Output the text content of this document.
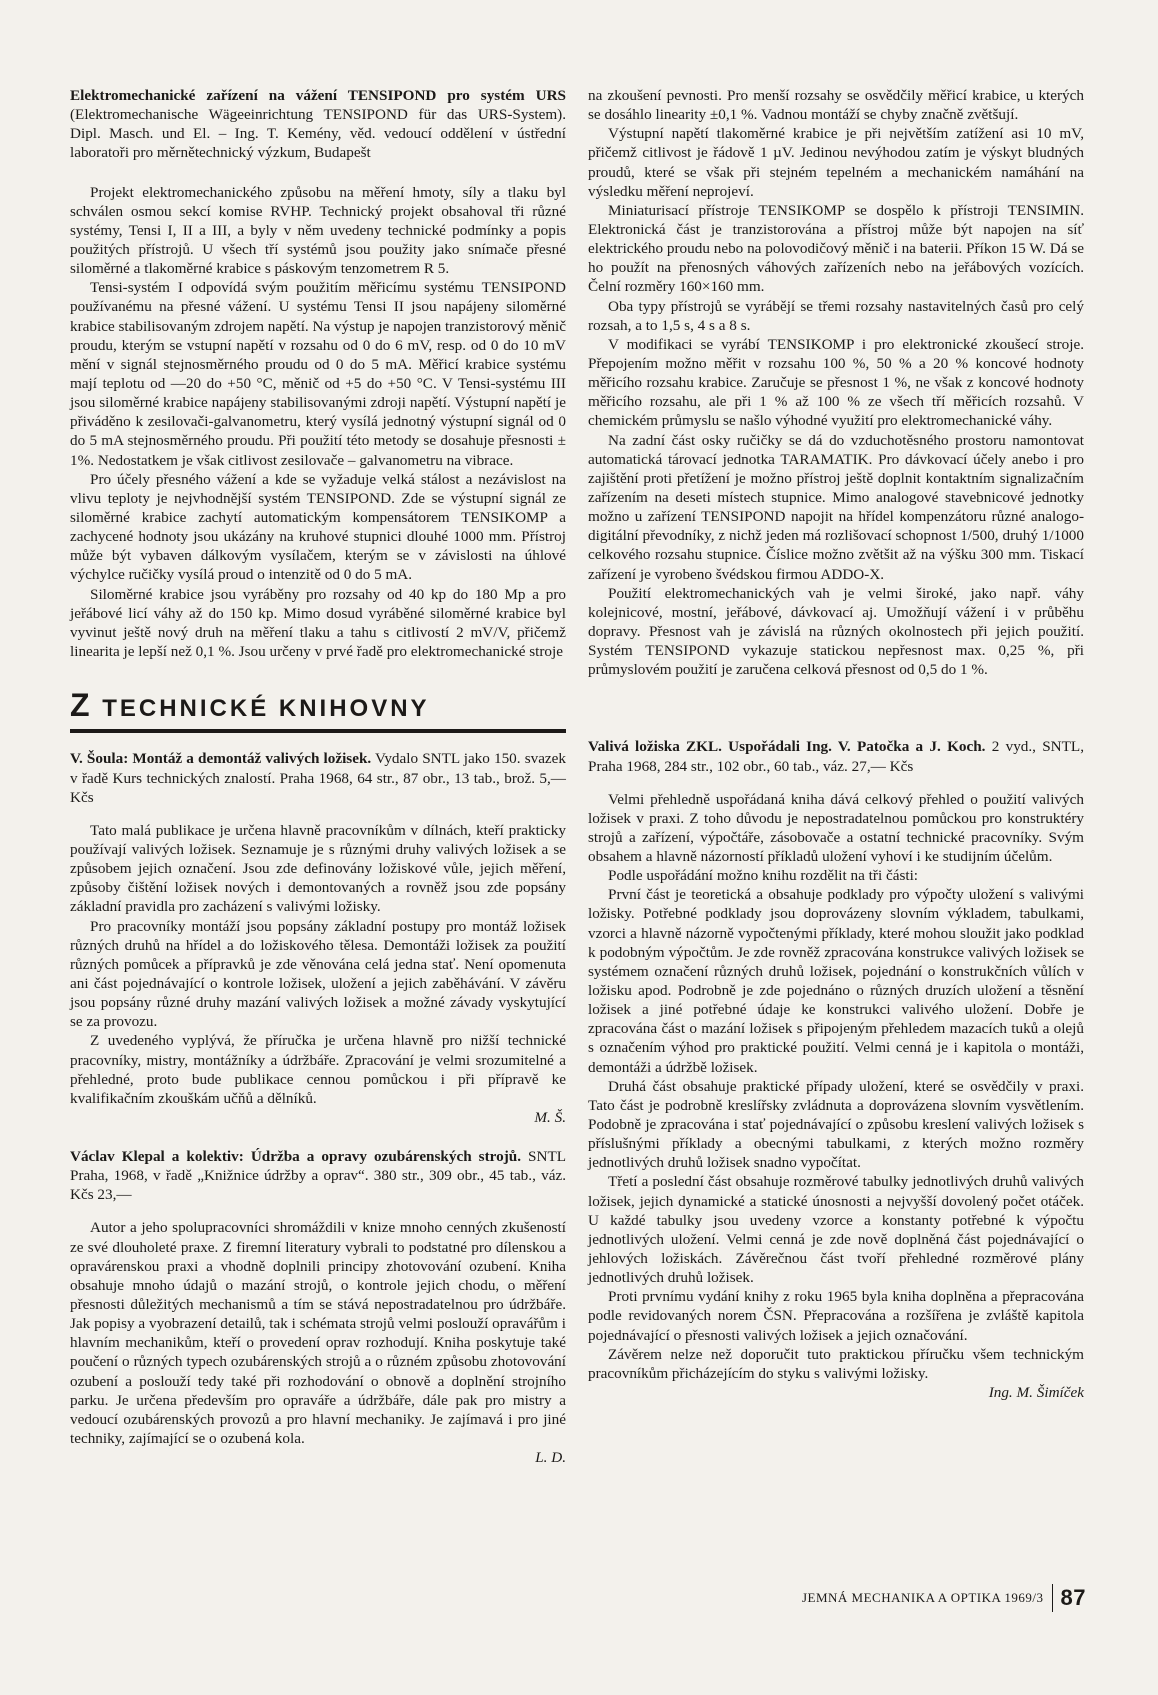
Elektromechanické zařízení na vážení TENSIPOND pro systém URS (Elektromechanische Wägeeinrichtung TENSIPOND für das URS-System). Dipl. Masch. und El. – Ing. T. Kemény, věd. vedoucí oddělení v ústřední laboratoři pro měrnětechnický výzkum, Budapešt

Projekt elektromechanického způsobu na měření hmoty, síly a tlaku byl schválen osmou sekcí komise RVHP. Technický projekt obsahoval tři různé systémy, Tensi I, II a III, a byly v něm uvedeny technické podmínky a popis použitých přístrojů. U všech tří systémů jsou použity jako snímače přesné siloměrné a tlakoměrné krabice s páskovým tenzometrem R 5.

Tensi-systém I odpovídá svým použitím měřicímu systému TENSIPOND používanému na přesné vážení. U systému Tensi II jsou napájeny siloměrné krabice stabilisovaným zdrojem napětí. Na výstup je napojen tranzistorový měnič proudu, kterým se vstupní napětí v rozsahu od 0 do 6 mV, resp. od 0 do 10 mV mění v signál stejnosměrného proudu od 0 do 5 mA. Měřicí krabice systému mají teplotu od —20 do +50 °C, měnič od +5 do +50 °C. V Tensi-systému III jsou siloměrné krabice napájeny stabilisovanými zdroji napětí. Výstupní napětí je přiváděno k zesilovači-galvanometru, který vysílá jednotný výstupní signál od 0 do 5 mA stejnosměrného proudu. Při použití této metody se dosahuje přesnosti ± 1%. Nedostatkem je však citlivost zesilovače – galvanometru na vibrace.

Pro účely přesného vážení a kde se vyžaduje velká stálost a nezávislost na vlivu teploty je nejvhodnější systém TENSIPOND. Zde se výstupní signál ze siloměrné krabice zachytí automatickým kompensátorem TENSIKOMP a zachycené hodnoty jsou ukázány na kruhové stupnici dlouhé 1000 mm. Přístroj může být vybaven dálkovým vysílačem, kterým se v závislosti na úhlové výchylce ručičky vysílá proud o intenzitě od 0 do 5 mA.

Siloměrné krabice jsou vyráběny pro rozsahy od 40 kp do 180 Mp a pro jeřábové licí váhy až do 150 kp. Mimo dosud vyráběné siloměrné krabice byl vyvinut ještě nový druh na měření tlaku a tahu s citlivostí 2 mV/V, přičemž linearita je lepší než 0,1 %. Jsou určeny v prvé řadě pro elektromechanické stroje

Z TECHNICKÉ KNIHOVNY

V. Šoula: Montáž a demontáž valivých ložisek. Vydalo SNTL jako 150. svazek v řadě Kurs technických znalostí. Praha 1968, 64 str., 87 obr., 13 tab., brož. 5,— Kčs

Tato malá publikace je určena hlavně pracovníkům v dílnách, kteří prakticky používají valivých ložisek. Seznamuje je s různými druhy valivých ložisek a se způsobem jejich označení. Jsou zde definovány ložiskové vůle, jejich měření, způsoby čištění ložisek nových i demontovaných a rovněž jsou zde popsány základní pravidla pro zacházení s valivými ložisky.

Pro pracovníky montáží jsou popsány základní postupy pro montáž ložisek různých druhů na hřídel a do ložiskového tělesa. Demontáži ložisek za použití různých pomůcek a přípravků je zde věnována celá jedna stať. Není opomenuta ani část pojednávající o kontrole ložisek, uložení a jejich zaběhávání. V závěru jsou popsány různé druhy mazání valivých ložisek a možné závady vyskytující se za provozu.

Z uvedeného vyplývá, že příručka je určena hlavně pro nižší technické pracovníky, mistry, montážníky a údržbáře. Zpracování je velmi srozumitelné a přehledné, proto bude publikace cennou pomůckou i při přípravě ke kvalifikačním zkouškám učňů a dělníků.

M. Š.

Václav Klepal a kolektiv: Údržba a opravy ozubárenských strojů. SNTL Praha, 1968, v řadě „Knižnice údržby a oprav“. 380 str., 309 obr., 45 tab., váz. Kčs 23,—

Autor a jeho spolupracovníci shromáždili v knize mnoho cenných zkušeností ze své dlouholeté praxe. Z firemní literatury vybrali to podstatné pro dílenskou a opravárenskou praxi a vhodně doplnili principy zhotovování ozubení. Kniha obsahuje mnoho údajů o mazání strojů, o kontrole jejich chodu, o měření přesnosti důležitých mechanismů a tím se stává nepostradatelnou pro údržbáře. Jak popisy a vyobrazení detailů, tak i schémata strojů velmi poslouží opravářům i hlavním mechanikům, kteří o provedení oprav rozhodují. Kniha poskytuje také poučení o různých typech ozubárenských strojů a o různém způsobu zhotovování ozubení a poslouží tedy také při rozhodování o obnově a doplnění strojního parku. Je určena především pro opraváře a údržbáře, dále pak pro mistry a vedoucí ozubárenských provozů a pro hlavní mechaniky. Je zajímavá i pro jiné techniky, zajímající se o ozubená kola.

L. D.

na zkoušení pevnosti. Pro menší rozsahy se osvědčily měřicí krabice, u kterých se dosáhlo linearity ±0,1 %. Vadnou montáží se chyby značně zvětšují.

Výstupní napětí tlakoměrné krabice je při největším zatížení asi 10 mV, přičemž citlivost je řádově 1 µV. Jedinou nevýhodou zatím je výskyt bludných proudů, které se však při stejném tepelném a mechanickém namáhání na výsledku měření neprojeví.

Miniaturisací přístroje TENSIKOMP se dospělo k přístroji TENSIMIN. Elektronická část je tranzistorována a přístroj může být napojen na síť elektrického proudu nebo na polovodičový měnič i na baterii. Příkon 15 W. Dá se ho použít na přenosných váhových zařízeních nebo na jeřábových vozících. Čelní rozměry 160×160 mm.

Oba typy přístrojů se vyrábějí se třemi rozsahy nastavitelných časů pro celý rozsah, a to 1,5 s, 4 s a 8 s.

V modifikaci se vyrábí TENSIKOMP i pro elektronické zkoušecí stroje. Přepojením možno měřit v rozsahu 100 %, 50 % a 20 % koncové hodnoty měřicího rozsahu krabice. Zaručuje se přesnost 1 %, ne však z koncové hodnoty měřicího rozsahu, ale při 1 % až 100 % ze všech tří měřicích rozsahů. V chemickém průmyslu se našlo výhodné využití pro elektromechanické váhy.

Na zadní část osky ručičky se dá do vzduchotěsného prostoru namontovat automatická tárovací jednotka TARAMATIK. Pro dávkovací účely anebo i pro zajištění proti přetížení je možno přístroj ještě doplnit kontaktním signalizačním zařízením na deseti místech stupnice. Mimo analogové stavebnicové jednotky možno u zařízení TENSIPOND napojit na hřídel kompenzátoru různé analogo-digitální převodníky, z nichž jeden má rozlišovací schopnost 1/500, druhý 1/1000 celkového rozsahu stupnice. Číslice možno zvětšit až na výšku 300 mm. Tiskací zařízení je vyrobeno švédskou firmou ADDO-X.

Použití elektromechanických vah je velmi široké, jako např. váhy kolejnicové, mostní, jeřábové, dávkovací aj. Umožňují vážení i v průběhu dopravy. Přesnost vah je závislá na různých okolnostech při jejich použití. Systém TENSIPOND vykazuje statickou nepřesnost max. 0,25 %, při průmyslovém použití je zaručena celková přesnost od 0,5 do 1 %.

Valivá ložiska ZKL. Uspořádali Ing. V. Patočka a J. Koch. 2 vyd., SNTL, Praha 1968, 284 str., 102 obr., 60 tab., váz. 27,— Kčs

Velmi přehledně uspořádaná kniha dává celkový přehled o použití valivých ložisek v praxi. Z toho důvodu je nepostradatelnou pomůckou pro konstruktéry strojů a zařízení, výpočtáře, zásobovače a ostatní technické pracovníky. Svým obsahem a hlavně názorností příkladů uložení vyhoví i ke studijním účelům.

Podle uspořádání možno knihu rozdělit na tři části:

První část je teoretická a obsahuje podklady pro výpočty uložení s valivými ložisky. Potřebné podklady jsou doprovázeny slovním výkladem, tabulkami, vzorci a hlavně názorně vypočtenými příklady, které mohou sloužit jako podklad k podobným výpočtům. Je zde rovněž zpracována konstrukce valivých ložisek se systémem označení různých druhů ložisek, pojednání o konstrukčních vůlích v ložisku apod. Podrobně je zde pojednáno o různých druzích uložení a těsnění ložisek a jiné potřebné údaje ke konstrukci valivého uložení. Dobře je zpracována část o mazání ložisek s připojeným přehledem mazacích tuků a olejů s označením výhod pro praktické použití. Velmi cenná je i kapitola o montáži, demontáži a údržbě ložisek.

Druhá část obsahuje praktické případy uložení, které se osvědčily v praxi. Tato část je podrobně kreslířsky zvládnuta a doprovázena slovním vysvětlením. Podobně je zpracována i stať pojednávající o způsobu kreslení valivých ložisek s příslušnými příklady a obecnými tabulkami, z kterých možno rozměry jednotlivých druhů ložisek snadno vypočítat.

Třetí a poslední část obsahuje rozměrové tabulky jednotlivých druhů valivých ložisek, jejich dynamické a statické únosnosti a nejvyšší dovolený počet otáček. U každé tabulky jsou uvedeny vzorce a konstanty potřebné k výpočtu jednotlivých uložení. Velmi cenná je zde nově doplněná část pojednávající o jehlových ložiskách. Závěrečnou část tvoří přehledné rozměrové plány jednotlivých druhů ložisek.

Proti prvnímu vydání knihy z roku 1965 byla kniha doplněna a přepracována podle revidovaných norem ČSN. Přepracována a rozšířena je zvláště kapitola pojednávající o přesnosti valivých ložisek a jejich označování.

Závěrem nelze než doporučit tuto praktickou příručku všem technickým pracovníkům přicházejícím do styku s valivými ložisky.

Ing. M. Šimíček
JEMNÁ MECHANIKA A OPTIKA 1969/3 87
